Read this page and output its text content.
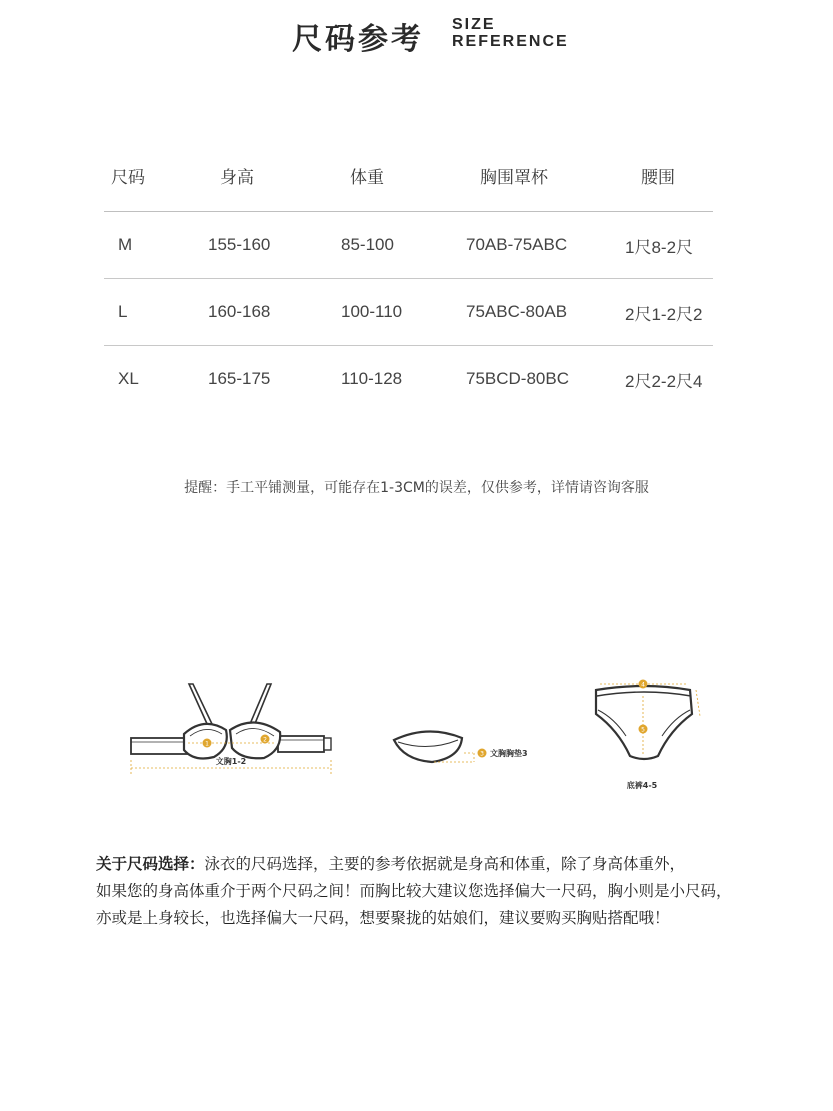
尺码参考 SIZE
REFERENCE
尺码	身高	体重	胸围罩杯	腰围
M	155-160	85-100	70AB-75ABC	1尺8-2尺
L	160-168	100-110	75ABC-80AB	2尺1-2尺2
XL	165-175	110-128	75BCD-80BC	2尺2-2尺4
提醒：手工平铺测量，可能存在1-3CM的误差，仅供参考，详情请咨询客服
1
2
文胸1-2
3 文胸胸垫3
4
5
底裤4-5
关于尺码选择：泳衣的尺码选择，主要的参考依据就是身高和体重，除了身高体重外，
如果您的身高体重介于两个尺码之间！而胸比较大建议您选择偏大一尺码，胸小则是小尺码，
亦或是上身较长，也选择偏大一尺码，想要聚拢的姑娘们，建议要购买胸贴搭配哦！
